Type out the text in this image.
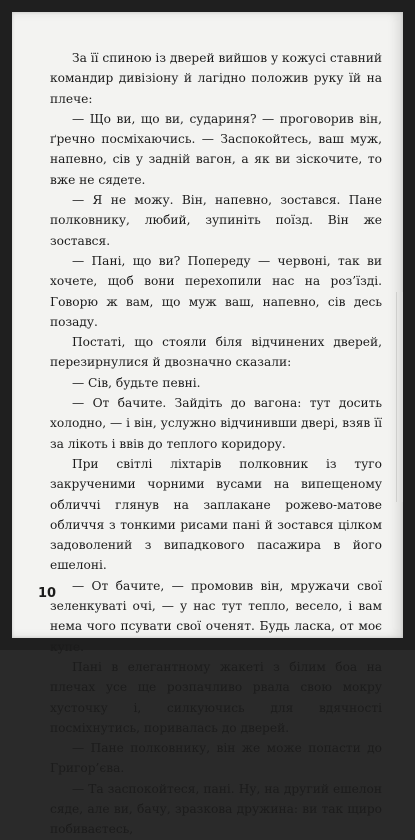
За її спиною із дверей вийшов у кожусі ставний командир дивізіону й лагідно положив руку їй на плече:

— Що ви, що ви, судариня? — проговорив він, ґречно посміхаючись. — Заспокойтесь, ваш муж, напевно, сів у задній вагон, а як ви зіскочите, то вже не сядете.

— Я не можу. Він, напевно, зостався. Пане полковнику, любий, зупиніть поїзд. Він же зостався.

— Пані, що ви? Попереду — червоні, так ви хочете, щоб вони перехопили нас на роз’їзді. Говорю ж вам, що муж ваш, напевно, сів десь позаду.

Постаті, що стояли біля відчинених дверей, перезирнулися й двозначно сказали:

— Сів, будьте певні.

— От бачите. Зайдіть до вагона: тут досить холодно, — і він, услужно відчинивши двері, взяв її за лікоть і ввів до теплого коридору.

При світлі ліхтарів полковник із туго закрученими чорними вусами на випещеному обличчі глянув на заплакане рожево-матове обличчя з тонкими рисами пані й зостався цілком задоволений з випадкового пасажира в його ешелоні.

— От бачите, — промовив він, мружачи свої зеленкуваті очі, — у нас тут тепло, весело, і вам нема чого псувати свої оченят. Будь ласка, от моє купе.

Пані в елегантному жакеті з білим боа на плечах усе ще розпачливо рвала свою мокру хусточку і, силкуючись для вдячності посміхнутись, поривалась до дверей.

— Пане полковнику, він же може попасти до Григор’єва.

— Та заспокойтеся, пані. Ну, на другий ешелон сяде, але ви, бачу, зразкова дружина: ви так щиро побиваєтесь,

10
